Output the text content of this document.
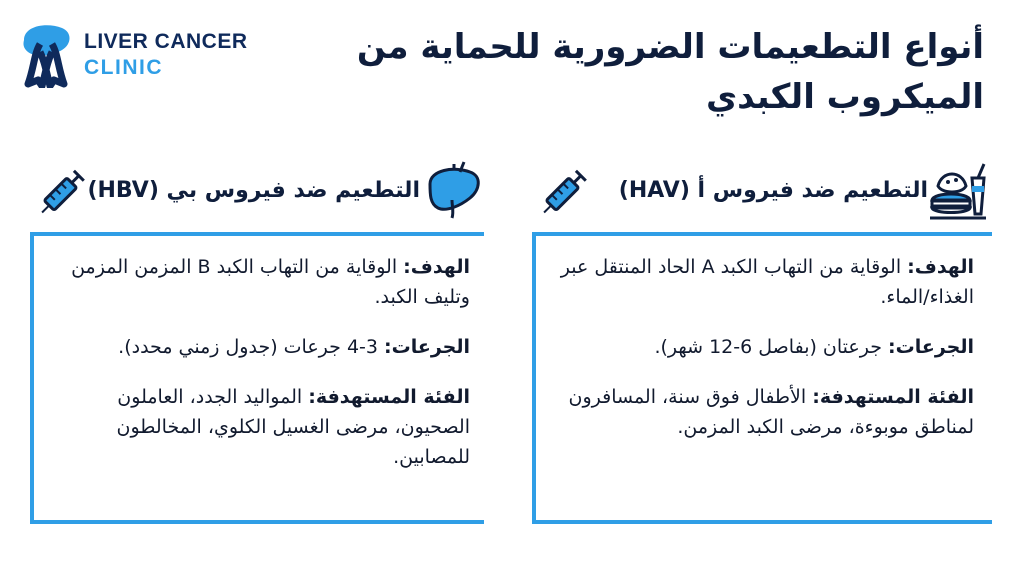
LIVER CANCER
CLINIC
أنواع التطعيمات الضرورية للحماية من الميكروب الكبدي
التطعيم ضد فيروس أ (HAV)
التطعيم ضد فيروس بي (HBV)

الهدف: الوقاية من التهاب الكبد B المزمن المزمن وتليف الكبد.

الجرعات: 3-4 جرعات (جدول زمني محدد).

الفئة المستهدفة: المواليد الجدد، العاملون الصحيون، مرضى الغسيل الكلوي، المخالطون للمصابين.

الهدف: الوقاية من التهاب الكبد A الحاد المنتقل عبر الغذاء/الماء.

الجرعات: جرعتان (بفاصل 6-12 شهر).

الفئة المستهدفة: الأطفال فوق سنة، المسافرون لمناطق موبوءة، مرضى الكبد المزمن.
